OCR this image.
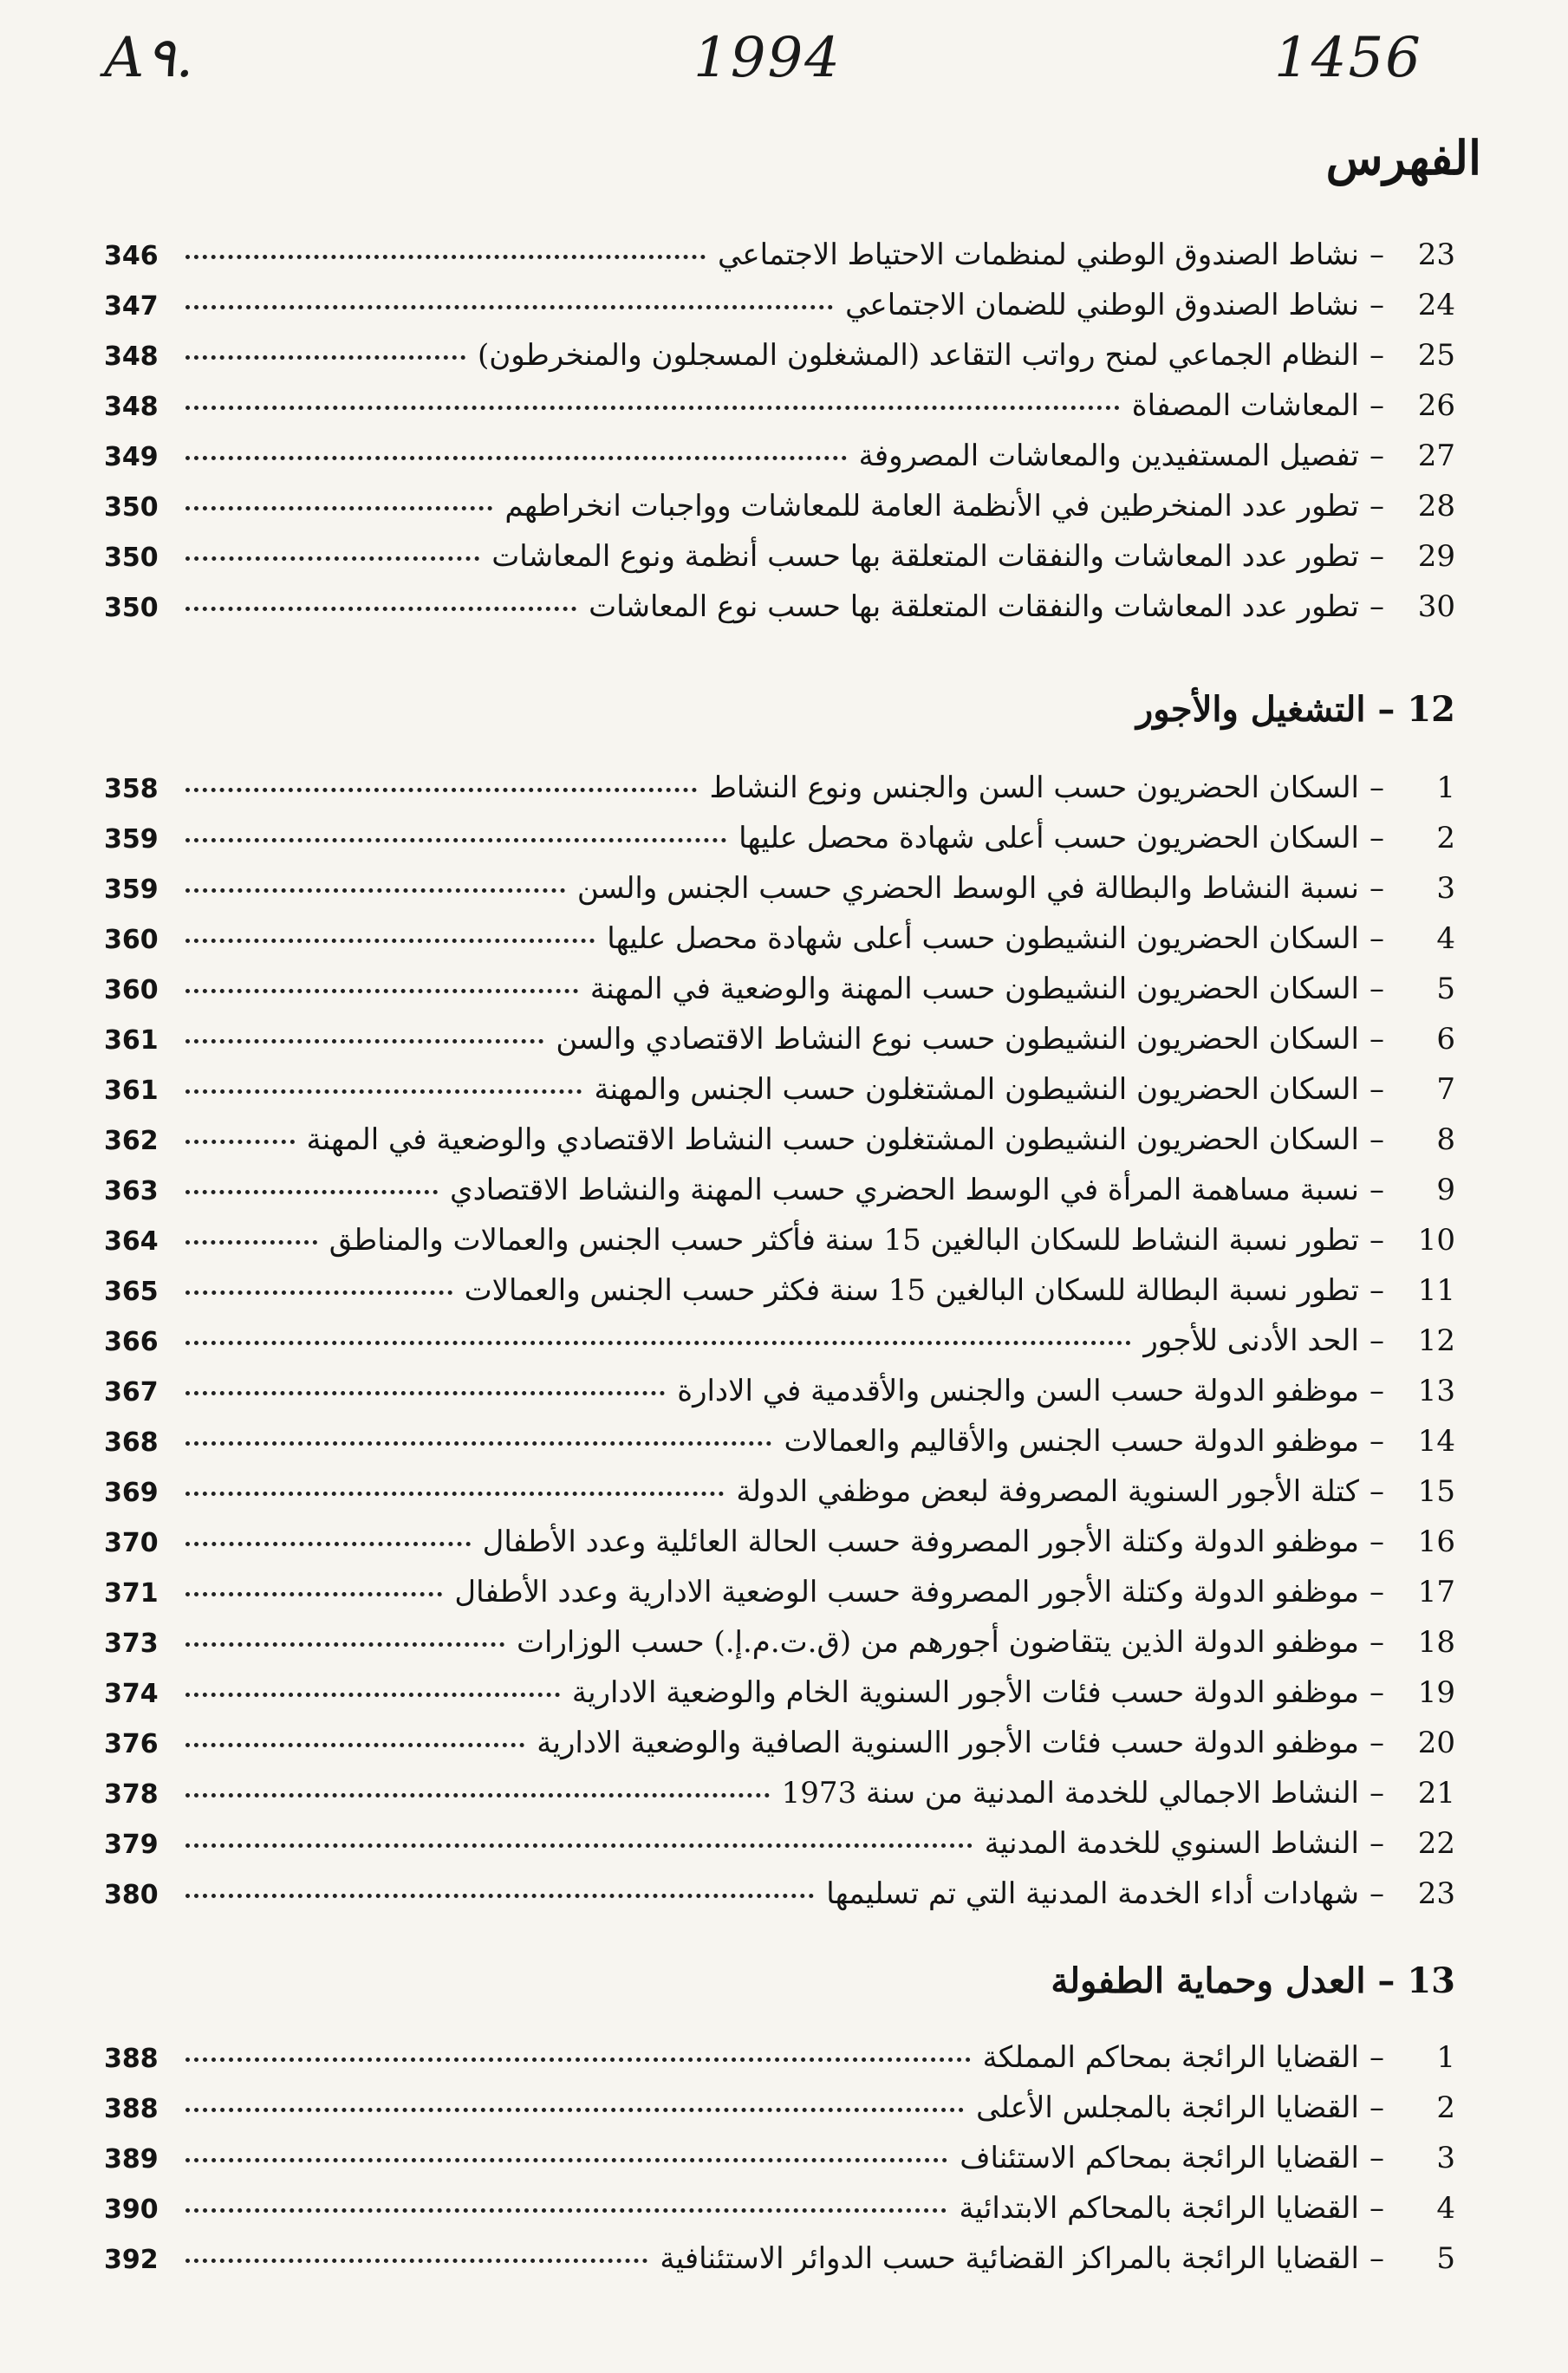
A۹.	1994	1456
الفهرس
23
–
نشاط الصندوق الوطني لمنظمات الاحتياط الاجتماعي
346
24
–
نشاط الصندوق الوطني للضمان الاجتماعي
347
25
–
النظام الجماعي لمنح رواتب التقاعد (المشغلون المسجلون والمنخرطون)
348
26
–
المعاشات المصفاة
348
27
–
تفصيل المستفيدين والمعاشات المصروفة
349
28
–
تطور عدد المنخرطين في الأنظمة العامة للمعاشات وواجبات انخراطهم
350
29
–
تطور عدد المعاشات والنفقات المتعلقة بها حسب أنظمة ونوع المعاشات
350
30
–
تطور عدد المعاشات والنفقات المتعلقة بها حسب نوع المعاشات
350
12 – التشغيل والأجور
1
–
السكان الحضريون حسب السن والجنس ونوع النشاط
358
2
–
السكان الحضريون حسب أعلى شهادة محصل عليها
359
3
–
نسبة النشاط والبطالة في الوسط الحضري حسب الجنس والسن
359
4
–
السكان الحضريون النشيطون حسب أعلى شهادة محصل عليها
360
5
–
السكان الحضريون النشيطون حسب المهنة والوضعية في المهنة
360
6
–
السكان الحضريون النشيطون حسب نوع النشاط الاقتصادي والسن
361
7
–
السكان الحضريون النشيطون المشتغلون حسب الجنس والمهنة
361
8
–
السكان الحضريون النشيطون المشتغلون حسب النشاط الاقتصادي والوضعية في المهنة
362
9
–
نسبة مساهمة المرأة في الوسط الحضري حسب المهنة والنشاط الاقتصادي
363
10
–
تطور نسبة النشاط للسكان البالغين 15 سنة فأكثر حسب الجنس والعمالات والمناطق
364
11
–
تطور نسبة البطالة للسكان البالغين 15 سنة فكثر حسب الجنس والعمالات
365
12
–
الحد الأدنى للأجور
366
13
–
موظفو الدولة حسب السن والجنس والأقدمية في الادارة
367
14
–
موظفو الدولة حسب الجنس والأقاليم والعمالات
368
15
–
كتلة الأجور السنوية المصروفة لبعض موظفي الدولة
369
16
–
موظفو الدولة وكتلة الأجور المصروفة حسب الحالة العائلية وعدد الأطفال
370
17
–
موظفو الدولة وكتلة الأجور المصروفة حسب الوضعية الادارية وعدد الأطفال
371
18
–
موظفو الدولة الذين يتقاضون أجورهم من (ق.ت.م.إ.) حسب الوزارات
373
19
–
موظفو الدولة حسب فئات الأجور السنوية الخام والوضعية الادارية
374
20
–
موظفو الدولة حسب فئات الأجور االسنوية الصافية والوضعية الادارية
376
21
–
النشاط الاجمالي للخدمة المدنية من سنة 1973
378
22
–
النشاط السنوي للخدمة المدنية
379
23
–
شهادات أداء الخدمة المدنية التي تم تسليمها
380
13 – العدل وحماية الطفولة
1
–
القضايا الرائجة بمحاكم المملكة
388
2
–
القضايا الرائجة بالمجلس الأعلى
388
3
–
القضايا الرائجة بمحاكم الاستئناف
389
4
–
القضايا الرائجة بالمحاكم الابتدائية
390
5
–
القضايا الرائجة بالمراكز القضائية حسب الدوائر الاستئنافية
392
